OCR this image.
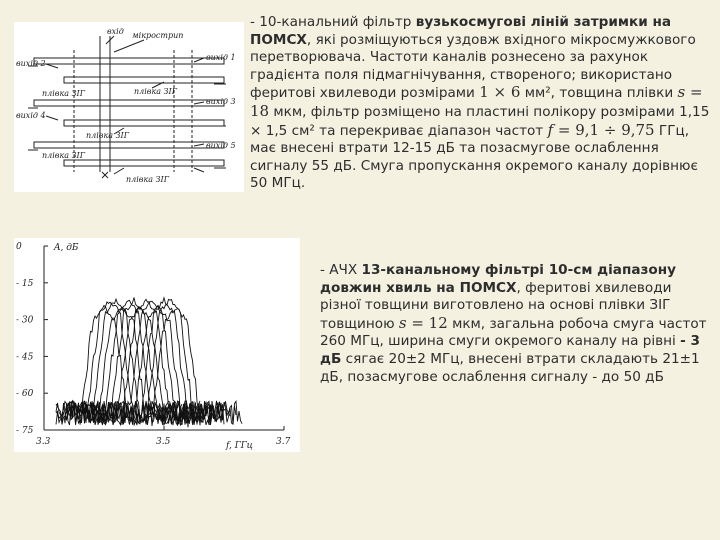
вхід мікрострип
вихід 1
вихід 2
плівка ЗІГ
вихід 3
вихід 4
плівка ЗІГ
плівка ЗІГ
вихід 5
плівка ЗІГ
плівка ЗІГ

- 10-канальний фільтр вузькосмугові ліній затримки на ПОМСХ, які розміщуються уздовж вхідного мікросмужкового перетворювача. Частоти каналів рознесено за рахунок градієнта поля підмагнічування, створеного; використано феритові хвилеводи розмірами 1 × 6 мм², товщина плівки s = 18 мкм, фільтр розміщено на пластині полікору розмірами 1,15 × 1,5 см² та перекриває діапазон частот f = 9,1 ÷ 9,75 ГГц, має внесені втрати 12-15 дБ та позасмугове ослаблення сигналу 55 дБ. Смуга пропускання окремого каналу дорівнює 50 МГц.

0
- 15
- 30
- 45
- 60
- 75
3.3	3.5	3.7
A, дБ
f, ГГц

- АЧХ 13-канальному фільтрі 10-см діапазону довжин хвиль на ПОМСХ, феритові хвилеводи різної товщини виготовлено на основі плівки ЗІГ товщиною s = 12 мкм, загальна робоча смуга частот 260 МГц, ширина смуги окремого каналу на рівні - 3 дБ сягає 20±2 МГц, внесені втрати складають 21±1 дБ, позасмугове ослаблення сигналу - до 50 дБ
